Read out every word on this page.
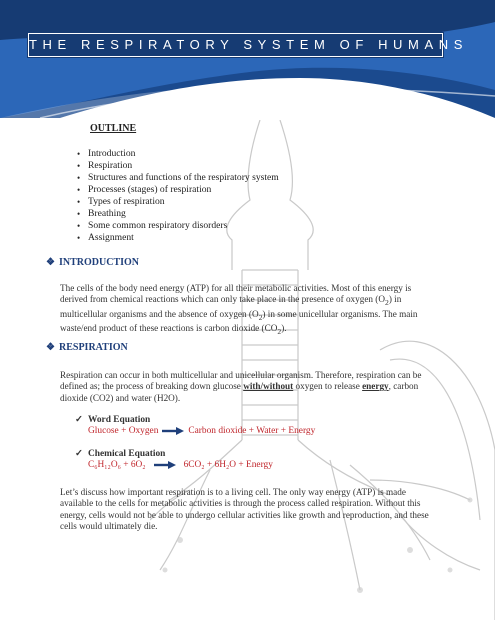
THE RESPIRATORY SYSTEM OF HUMANS
OUTLINE
• Introduction
• Respiration
• Structures and functions of the respiratory system
• Processes (stages) of respiration
• Types of respiration
• Breathing
• Some common respiratory disorders
• Assignment
❖ INTRODUCTION

The cells of the body need energy (ATP) for all their metabolic activities. Most of this energy is derived from chemical reactions which can only take place in the presence of oxygen $(O_2)$ in multicellular organisms and the absence of oxygen $(O_2)$ in some unicellular organisms. The main waste/end product of these reactions is carbon dioxide $(CO_2)$.

❖ RESPIRATION

Respiration can occur in both multicellular and unicellular organism. Therefore, respiration can be defined as; the process of breaking down glucose with/without oxygen to release energy, carbon dioxide (CO2) and water (H2O).

✓ Word Equation
Glucose + Oxygen	Carbon dioxide + Water + Energy
✓ Chemical Equation
C₆H₁₂O₆ + 6O₂	6CO₂ + 6H₂O + Energy

Let’s discuss how important respiration is to a living cell. The only way energy (ATP) is made available to the cells for metabolic activities is through the process called respiration. Without this energy, cells would not be able to undergo cellular activities like growth and reproduction, and these cells would ultimately die.
